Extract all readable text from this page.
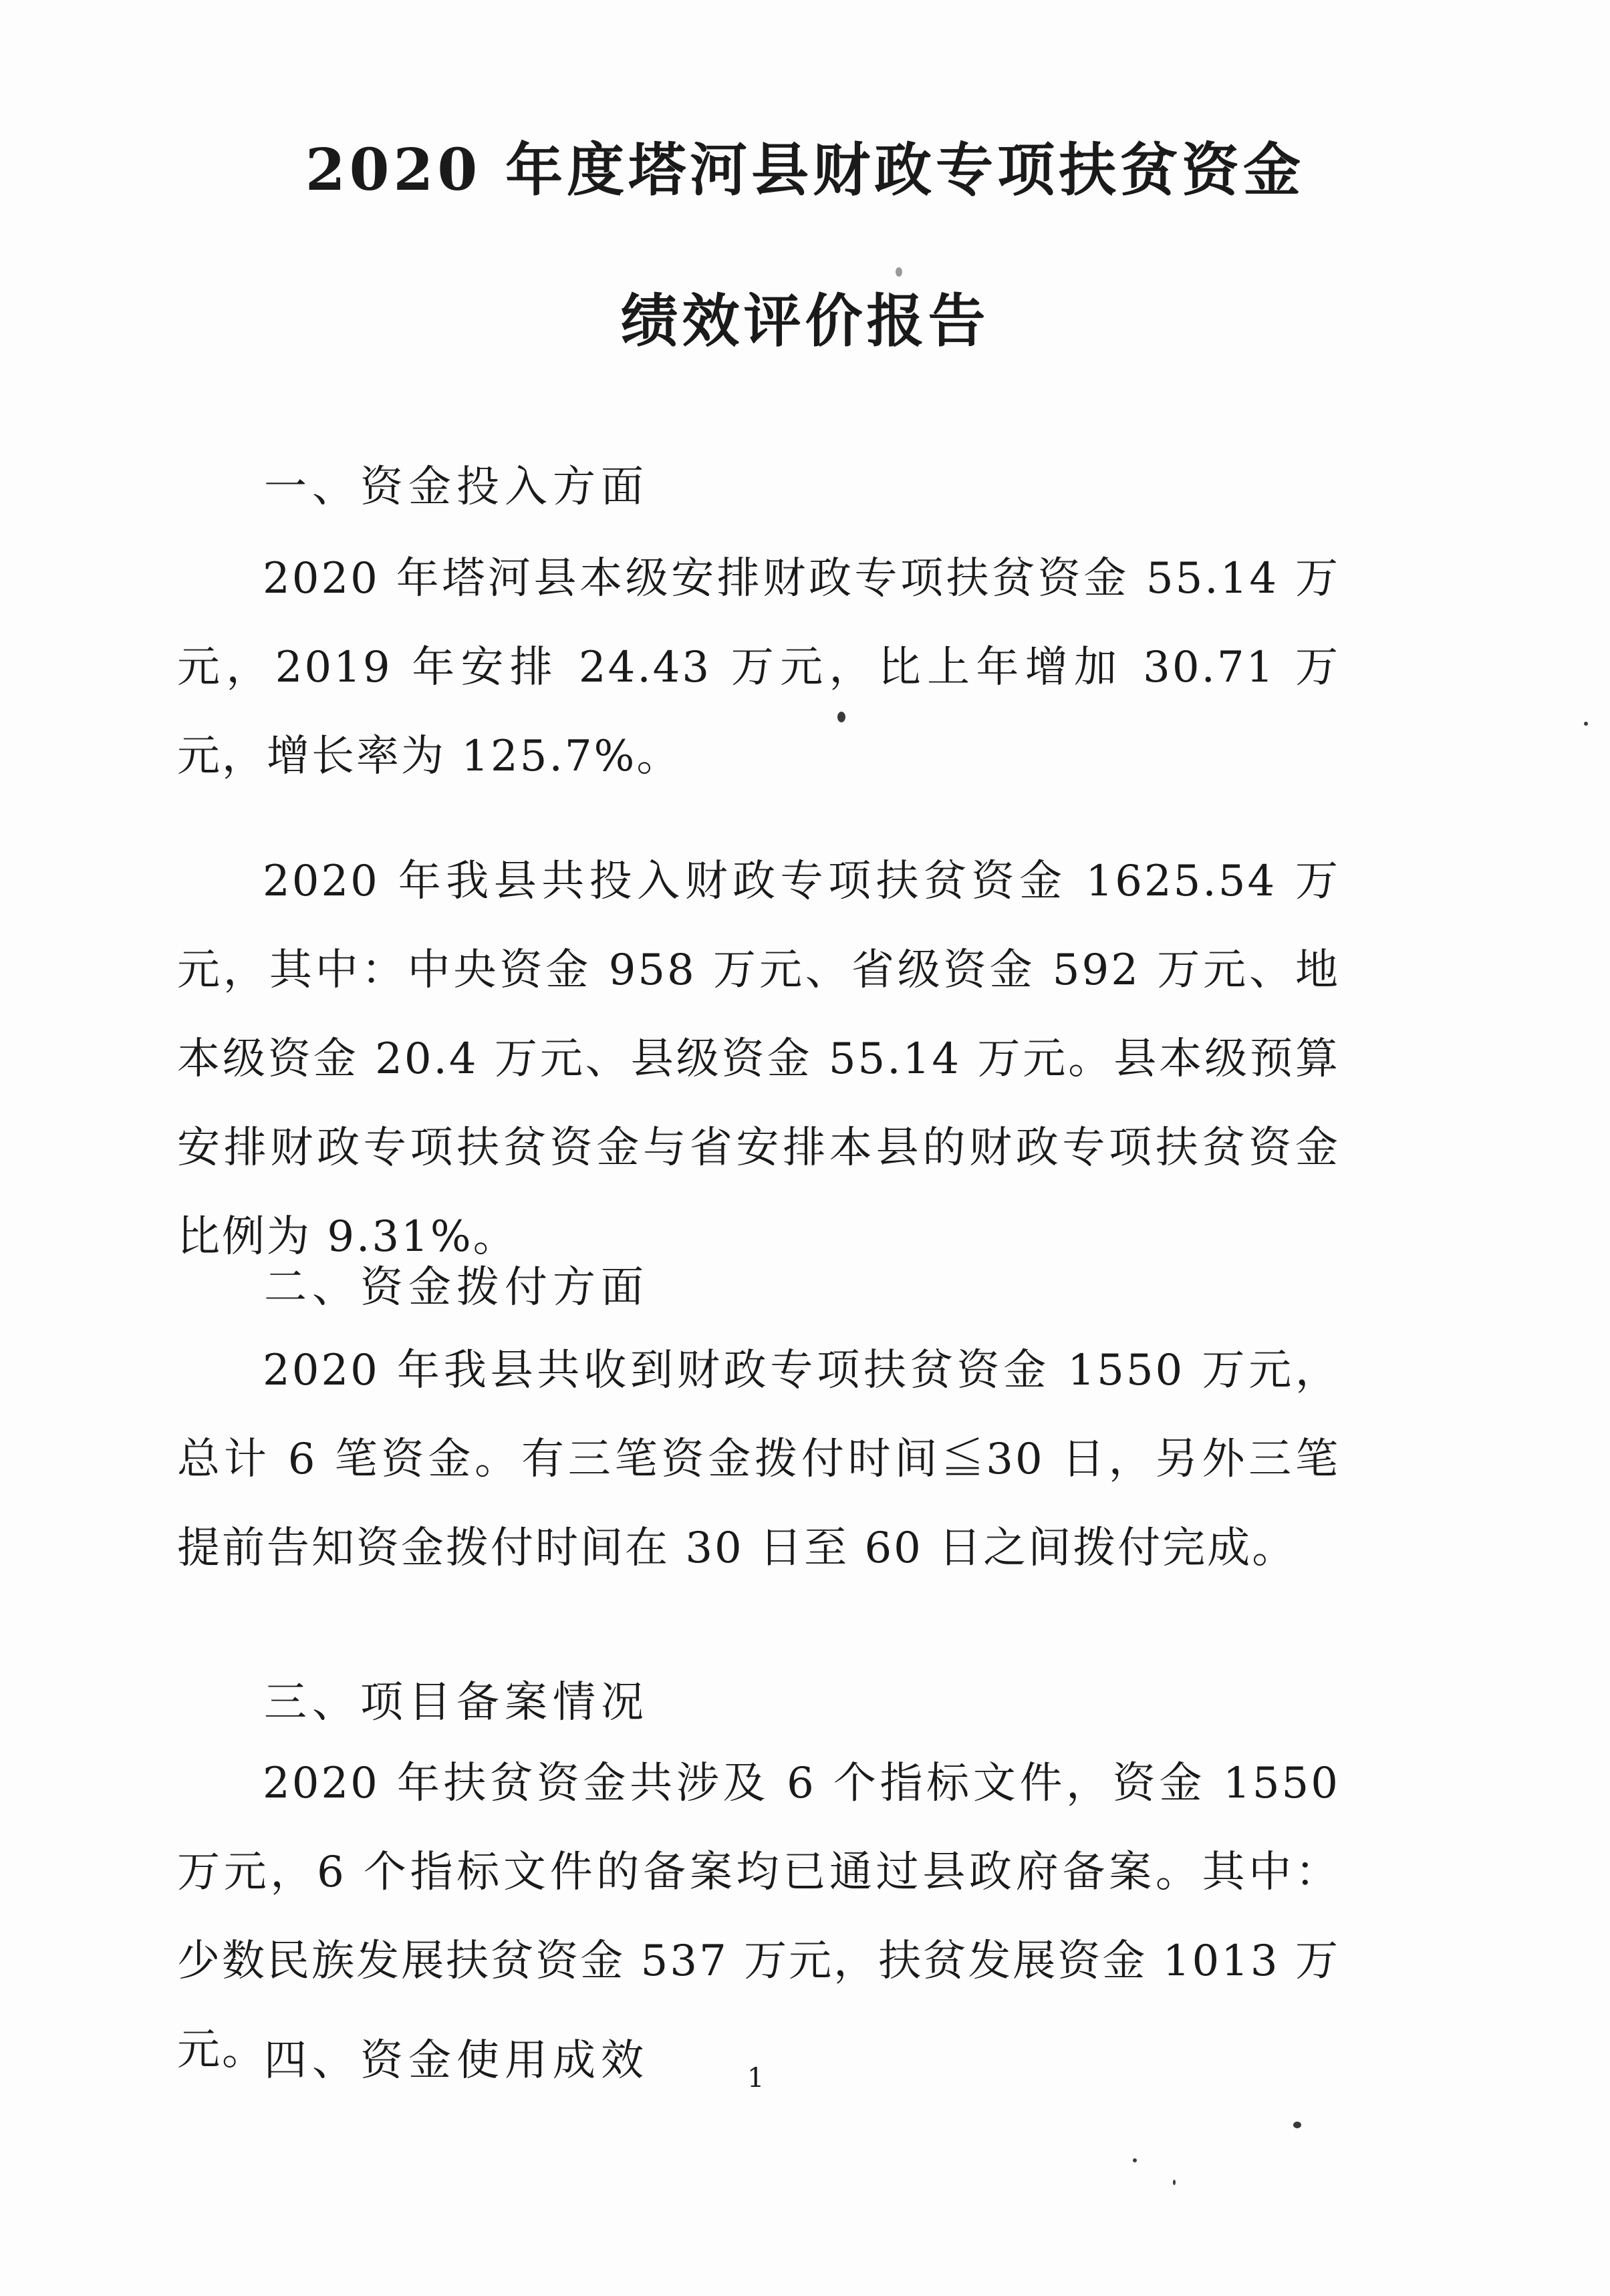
2020 年度塔河县财政专项扶贫资金
绩效评价报告
一、资金投入方面

2020 年塔河县本级安排财政专项扶贫资金 55.14 万元，2019 年安排 24.43 万元，比上年增加 30.71 万元，增长率为 125.7%。

2020 年我县共投入财政专项扶贫资金 1625.54 万元，其中：中央资金 958 万元、省级资金 592 万元、地本级资金 20.4 万元、县级资金 55.14 万元。县本级预算安排财政专项扶贫资金与省安排本县的财政专项扶贫资金比例为 9.31%。

二、资金拨付方面

2020 年我县共收到财政专项扶贫资金 1550 万元，总计 6 笔资金。有三笔资金拨付时间≦30 日，另外三笔提前告知资金拨付时间在 30 日至 60 日之间拨付完成。

三、项目备案情况

2020 年扶贫资金共涉及 6 个指标文件，资金 1550 万元，6 个指标文件的备案均已通过县政府备案。其中：少数民族发展扶贫资金 537 万元，扶贫发展资金 1013 万元。

四、资金使用成效	1
